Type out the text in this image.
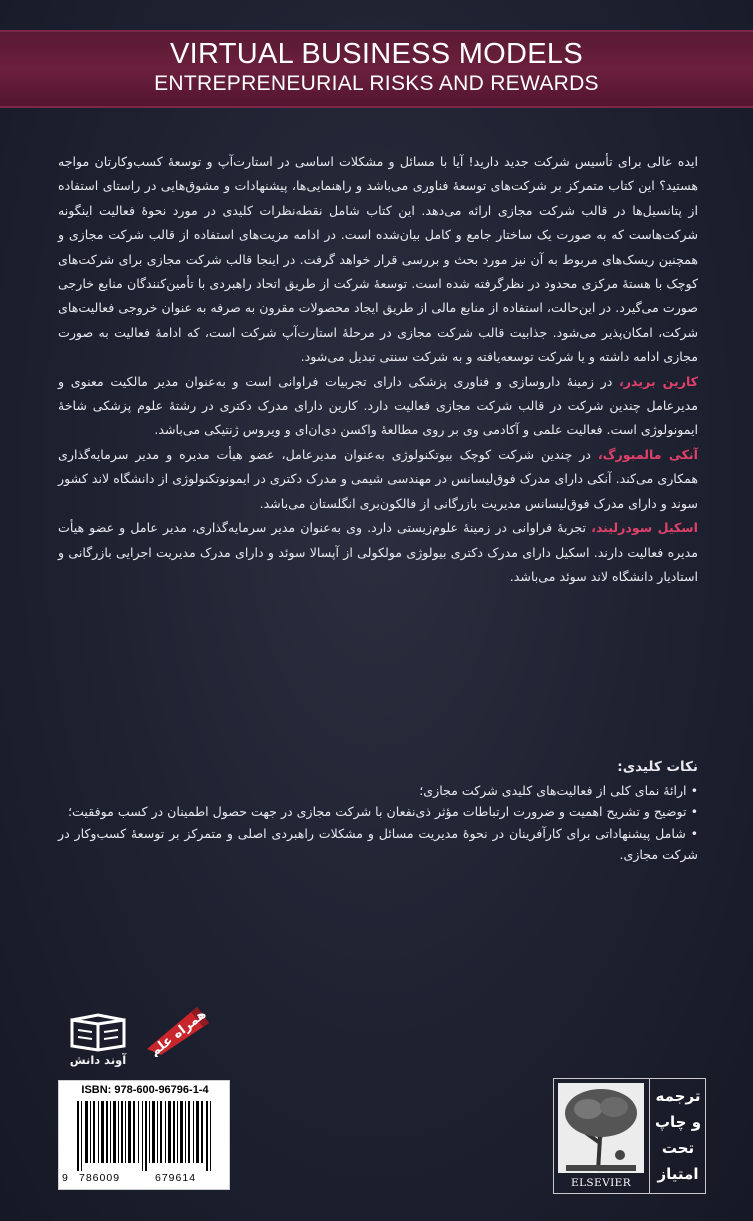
VIRTUAL BUSINESS MODELS
ENTREPRENEURIAL RISKS AND REWARDS

ایده عالی برای تأسیس شرکت جدید دارید! آیا با مسائل و مشکلات اساسی در استارت‌آپ و توسعهٔ کسب‌وکارتان مواجه هستید؟ این کتاب متمرکز بر شرکت‌های توسعهٔ فناوری می‌باشد و راهنمایی‌ها، پیشنهادات و مشوق‌هایی در راستای استفاده از پتانسیل‌ها در قالب شرکت مجازی ارائه می‌دهد. این کتاب شامل نقطه‌نظرات کلیدی در مورد نحوهٔ فعالیت اینگونه شرکت‌هاست که به صورت یک ساختار جامع و کامل بیان‌شده است. در ادامه مزیت‌های استفاده از قالب شرکت مجازی و همچنین ریسک‌های مربوط به آن نیز مورد بحث و بررسی قرار خواهد گرفت. در اینجا قالب شرکت مجازی برای شرکت‌های کوچک با هستهٔ مرکزی محدود در نظرگرفته شده است. توسعهٔ شرکت از طریق اتحاد راهبردی با تأمین‌کنندگان منابع خارجی صورت می‌گیرد. در این‌حالت، استفاده از منابع مالی از طریق ایجاد محصولات مقرون به صرفه به عنوان خروجی فعالیت‌های شرکت، امکان‌پذیر می‌شود. جذابیت قالب شرکت مجازی در مرحلهٔ استارت‌آپ شرکت است، که ادامهٔ فعالیت به صورت مجازی ادامه داشته و یا شرکت توسعه‌یافته و به شرکت سنتی تبدیل می‌شود.

کارین بریدر، در زمینهٔ داروسازی و فناوری پزشکی دارای تجربیات فراوانی است و به‌عنوان مدیر مالکیت معنوی و مدیرعامل چندین شرکت در قالب شرکت مجازی فعالیت دارد. کارین دارای مدرک دکتری در رشتهٔ علوم پزشکی شاخهٔ ایمونولوژی است. فعالیت علمی و آکادمی وی بر روی مطالعهٔ واکسن دی‌ان‌ای و ویروس ژنتیکی می‌باشد.

آنکی مالمبورگ، در چندین شرکت کوچک بیوتکنولوژی به‌عنوان مدیرعامل، عضو هیأت مدیره و مدیر سرمایه‌گذاری همکاری می‌کند. آنکی دارای مدرک فوق‌لیسانس در مهندسی شیمی و مدرک دکتری در ایمونوتکنولوژی از دانشگاه لاند کشور سوند و دارای مدرک فوق‌لیسانس مدیریت بازرگانی از فالکون‌بری انگلستان می‌باشد.

اسکیل سودرلیند، تجربهٔ فراوانی در زمینهٔ علوم‌زیستی دارد. وی به‌عنوان مدیر سرمایه‌گذاری، مدیر عامل و عضو هیأت مدیره فعالیت دارند. اسکیل دارای مدرک دکتری بیولوژی مولکولی از آپسالا سوئد و دارای مدرک مدیریت اجرایی بازرگانی و استادیار دانشگاه لاند سوئد می‌باشد.

نکات کلیدی:
• ارائهٔ نمای کلی از فعالیت‌های کلیدی شرکت مجازی؛
• توضیح و تشریح اهمیت و ضرورت ارتباطات مؤثر ذی‌نفعان با شرکت مجازی در جهت حصول اطمینان در کسب موفقیت؛
• شامل پیشنهاداتی برای کارآفرینان در نحوهٔ مدیریت مسائل و مشکلات راهبردی اصلی و متمرکز بر توسعهٔ کسب‌وکار در شرکت مجازی.
همراه علم
آوند دانش
ISBN: 978-600-96796-1-4
9 786009	679614	ELSEVIER
ترجمه
و چاپ
تحت
امتیاز
